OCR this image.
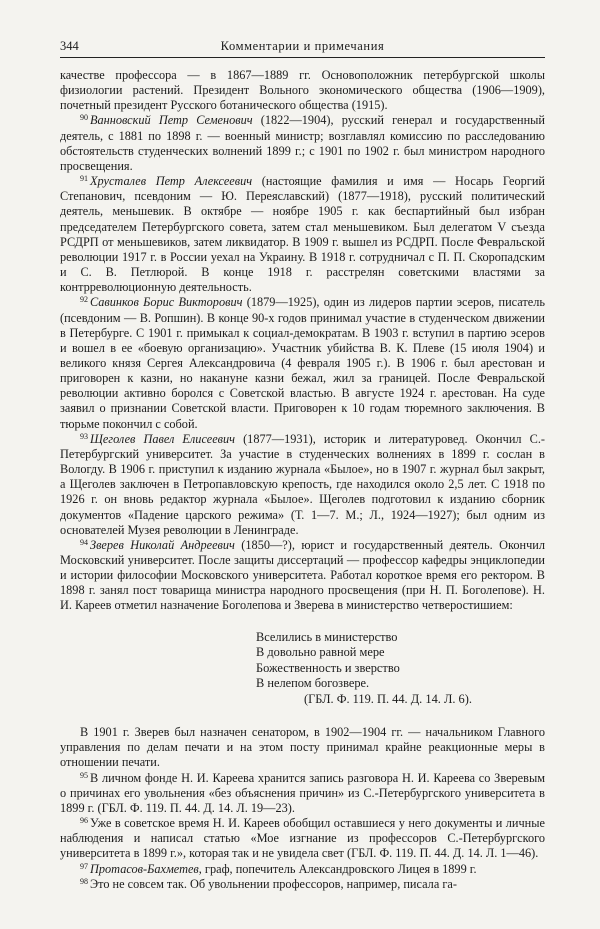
344	Комментарии и примечания

качестве профессора — в 1867—1889 гг. Основоположник петербургской школы физиологии растений. Президент Вольного экономического общества (1906—1909), почетный президент Русского ботанического общества (1915).

$^{90}$ Ванновский Петр Семенович (1822—1904), русский генерал и государственный деятель, с 1881 по 1898 г. — военный министр; возглавлял комиссию по расследованию обстоятельств студенческих волнений 1899 г.; с 1901 по 1902 г. был министром народного просвещения.

$^{91}$ Хрусталев Петр Алексеевич (настоящие фамилия и имя — Носарь Георгий Степанович, псевдоним — Ю. Переяславский) (1877—1918), русский политический деятель, меньшевик. В октябре — ноябре 1905 г. как беспартийный был избран председателем Петербургского совета, затем стал меньшевиком. Был делегатом V съезда РСДРП от меньшевиков, затем ликвидатор. В 1909 г. вышел из РСДРП. После Февральской революции 1917 г. в России уехал на Украину. В 1918 г. сотрудничал с П. П. Скоропадским и С. В. Петлюрой. В конце 1918 г. расстрелян советскими властями за контрреволюционную деятельность.

$^{92}$ Савинков Борис Викторович (1879—1925), один из лидеров партии эсеров, писатель (псевдоним — В. Ропшин). В конце 90-х годов принимал участие в студенческом движении в Петербурге. С 1901 г. примыкал к социал-демократам. В 1903 г. вступил в партию эсеров и вошел в ее «боевую организацию». Участник убийства В. К. Плеве (15 июля 1904) и великого князя Сергея Александровича (4 февраля 1905 г.). В 1906 г. был арестован и приговорен к казни, но накануне казни бежал, жил за границей. После Февральской революции активно боролся с Советской властью. В августе 1924 г. арестован. На суде заявил о признании Советской власти. Приговорен к 10 годам тюремного заключения. В тюрьме покончил с собой.

$^{93}$ Щеголев Павел Елисеевич (1877—1931), историк и литературовед. Окончил С.-Петербургский университет. За участие в студенческих волнениях в 1899 г. сослан в Вологду. В 1906 г. приступил к изданию журнала «Былое», но в 1907 г. журнал был закрыт, а Щеголев заключен в Петропавловскую крепость, где находился около 2,5 лет. С 1918 по 1926 г. он вновь редактор журнала «Былое». Щеголев подготовил к изданию сборник документов «Падение царского режима» (Т. 1—7. М.; Л., 1924—1927); был одним из основателей Музея революции в Ленинграде.

$^{94}$ Зверев Николай Андреевич (1850—?), юрист и государственный деятель. Окончил Московский университет. После защиты диссертаций — профессор кафедры энциклопедии и истории философии Московского университета. Работал короткое время его ректором. В 1898 г. занял пост товарища министра народного просвещения (при Н. П. Боголепове). Н. И. Кареев отметил назначение Боголепова и Зверева в министерство четверостишием:

Вселились в министерство
В довольно равной мере
Божественность и зверство
В нелепом богозвере.
(ГБЛ. Ф. 119. П. 44. Д. 14. Л. 6).

В 1901 г. Зверев был назначен сенатором, в 1902—1904 гг. — начальником Главного управления по делам печати и на этом посту принимал крайне реакционные меры в отношении печати.

$^{95}$ В личном фонде Н. И. Кареева хранится запись разговора Н. И. Кареева со Зверевым о причинах его увольнения «без объяснения причин» из С.-Петербургского университета в 1899 г. (ГБЛ. Ф. 119. П. 44. Д. 14. Л. 19—23).

$^{96}$ Уже в советское время Н. И. Кареев обобщил оставшиеся у него документы и личные наблюдения и написал статью «Мое изгнание из профессоров С.-Петербургского университета в 1899 г.», которая так и не увидела свет (ГБЛ. Ф. 119. П. 44. Д. 14. Л. 1—46).

$^{97}$ Протасов-Бахметев, граф, попечитель Александровского Лицея в 1899 г.

$^{98}$ Это не совсем так. Об увольнении профессоров, например, писала га-
